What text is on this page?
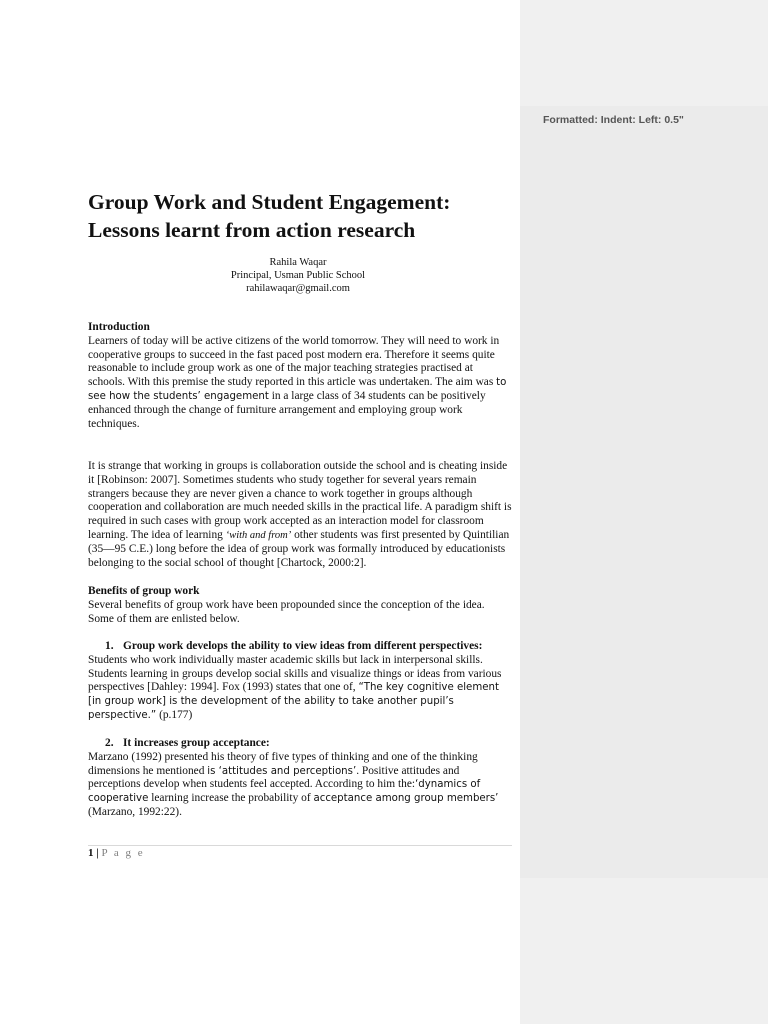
Group Work and Student Engagement:
Lessons learnt from action research
Rahila Waqar
Principal, Usman Public School
rahilawaqar@gmail.com

Introduction

Learners of today will be active citizens of the world tomorrow. They will need to work in cooperative groups to succeed in the fast paced post modern era. Therefore it seems quite reasonable to include group work as one of the major teaching strategies practised at schools. With this premise the study reported in this article was undertaken. The aim was to see how the students’ engagement in a large class of 34 students can be positively enhanced through the change of furniture arrangement and employing group work techniques.

It is strange that working in groups is collaboration outside the school and is cheating inside it [Robinson: 2007]. Sometimes students who study together for several years remain strangers because they are never given a chance to work together in groups although cooperation and collaboration are much needed skills in the practical life. A paradigm shift is required in such cases with group work accepted as an interaction model for classroom learning. The idea of learning ‘with and from’ other students was first presented by Quintilian (35—95 C.E.) long before the idea of group work was formally introduced by educationists belonging to the social school of thought [Chartock, 2000:2].

Benefits of group work

Several benefits of group work have been propounded since the conception of the idea. Some of them are enlisted below.

1. Group work develops the ability to view ideas from different perspectives:

Students who work individually master academic skills but lack in interpersonal skills. Students learning in groups develop social skills and visualize things or ideas from various perspectives [Dahley: 1994]. Fox (1993) states that one of, “The key cognitive element [in group work] is the development of the ability to take another pupil’s perspective.” (p.177)

2. It increases group acceptance:

Marzano (1992) presented his theory of five types of thinking and one of the thinking dimensions he mentioned is ‘attitudes and perceptions’. Positive attitudes and perceptions develop when students feel accepted. According to him the:‘dynamics of cooperative learning increase the probability of acceptance among group members’ (Marzano, 1992:22).

1 | P a g e
Formatted: Indent: Left: 0.5"
